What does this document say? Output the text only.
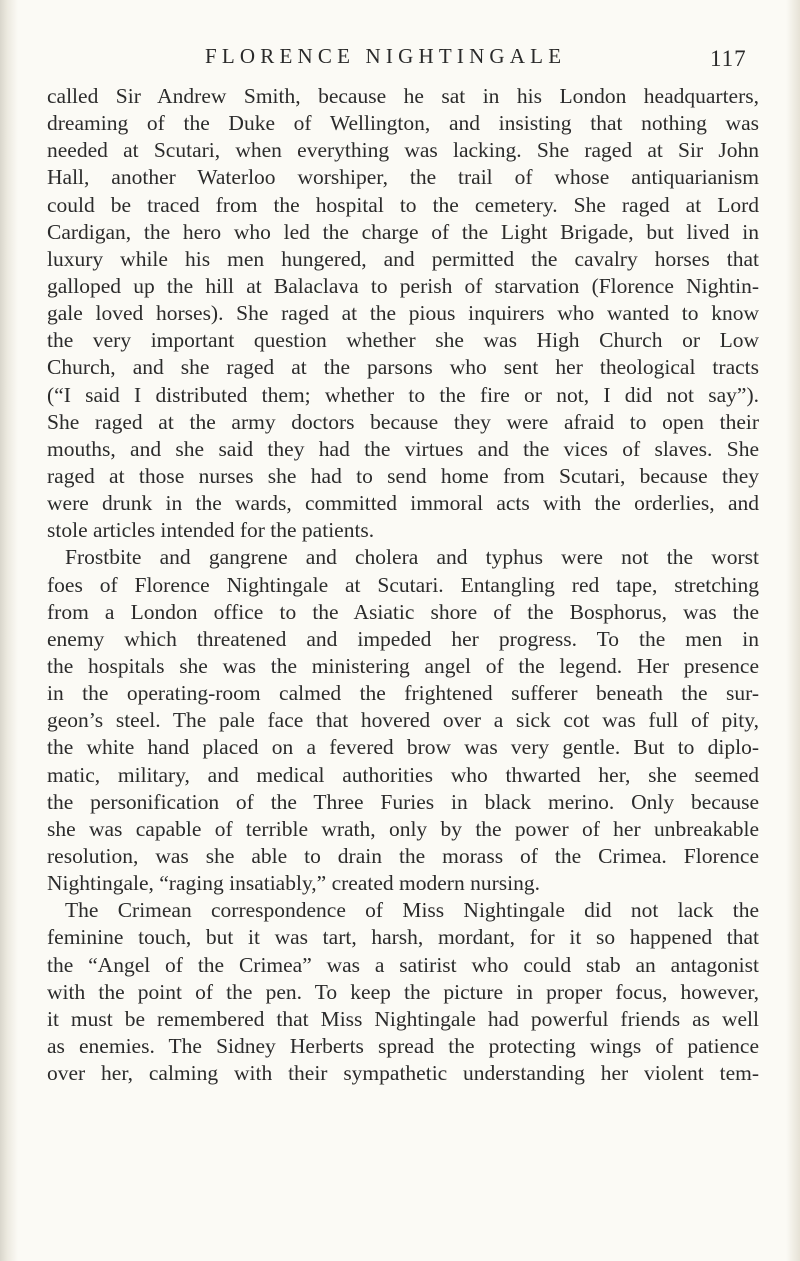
FLORENCE NIGHTINGALE	117
called Sir Andrew Smith, because he sat in his London headquarters,
dreaming of the Duke of Wellington, and insisting that nothing was
needed at Scutari, when everything was lacking. She raged at Sir John
Hall, another Waterloo worshiper, the trail of whose antiquarianism
could be traced from the hospital to the cemetery. She raged at Lord
Cardigan, the hero who led the charge of the Light Brigade, but lived in
luxury while his men hungered, and permitted the cavalry horses that
galloped up the hill at Balaclava to perish of starvation (Florence Nightin-
gale loved horses). She raged at the pious inquirers who wanted to know
the very important question whether she was High Church or Low
Church, and she raged at the parsons who sent her theological tracts
(“I said I distributed them; whether to the fire or not, I did not say”).
She raged at the army doctors because they were afraid to open their
mouths, and she said they had the virtues and the vices of slaves. She
raged at those nurses she had to send home from Scutari, because they
were drunk in the wards, committed immoral acts with the orderlies, and
stole articles intended for the patients.
Frostbite and gangrene and cholera and typhus were not the worst
foes of Florence Nightingale at Scutari. Entangling red tape, stretching
from a London office to the Asiatic shore of the Bosphorus, was the
enemy which threatened and impeded her progress. To the men in
the hospitals she was the ministering angel of the legend. Her presence
in the operating-room calmed the frightened sufferer beneath the sur-
geon’s steel. The pale face that hovered over a sick cot was full of pity,
the white hand placed on a fevered brow was very gentle. But to diplo-
matic, military, and medical authorities who thwarted her, she seemed
the personification of the Three Furies in black merino. Only because
she was capable of terrible wrath, only by the power of her unbreakable
resolution, was she able to drain the morass of the Crimea. Florence
Nightingale, “raging insatiably,” created modern nursing.
The Crimean correspondence of Miss Nightingale did not lack the
feminine touch, but it was tart, harsh, mordant, for it so happened that
the “Angel of the Crimea” was a satirist who could stab an antagonist
with the point of the pen. To keep the picture in proper focus, however,
it must be remembered that Miss Nightingale had powerful friends as well
as enemies. The Sidney Herberts spread the protecting wings of patience
over her, calming with their sympathetic understanding her violent tem-
